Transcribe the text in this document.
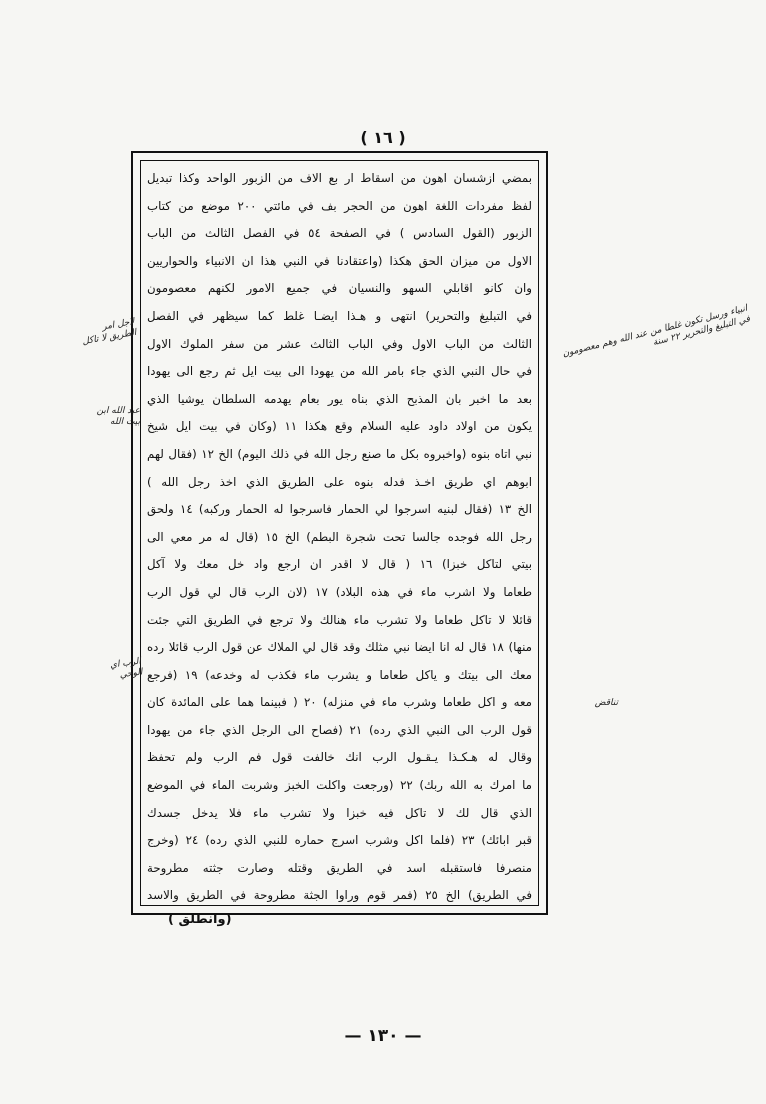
( ١٦ )
بمضي ازشسان اهون من اسقاط ار بع الاف من الزبور الواحد وكذا تبديل
لفظ مفردات اللغة اهون من الحجر بف في مائتي ٢٠٠ موضع من كتاب
الزبور (القول السادس ) في الصفحة ٥٤ في الفصل الثالث من الباب
الاول من ميزان الحق هكذا (واعتقادنا في النبي هذا ان الانبياء والحواريين
وان كانو اقابلي السهو والنسيان في جميع الامور لكنهم معصومون
في التبليغ والتحرير) انتهى و هـذا ايضـا غلط كما سيظهر في الفصل
الثالث من الباب الاول وفي الباب الثالث عشر من سفر الملوك الاول
في حال النبي الذي جاء بامر الله من يهودا الى بيت ايل ثم رجع الى يهودا
بعد ما اخبر بان المذبح الذي بناه يور بعام يهدمه السلطان يوشيا الذي
يكون من اولاد داود عليه السلام وقع هكذا ١١ (وكان في بيت ايل شيخ
نبي اتاه بنوه (واخبروه بكل ما صنع رجل الله في ذلك اليوم) الخ ١٢ (فقال لهم
ابوهم اي طريق اخـذ فدله بنوه على الطريق الذي اخذ رجل الله )
الخ ١٣ (فقال لبنيه اسرجوا لي الحمار فاسرجوا له الحمار وركبه) ١٤ ولحق
رجل الله فوجده جالسا تحت شجرة البطم) الخ ١٥ (قال له مر معي الى
بيتي لتاكل خبزا) ١٦ ( قال لا اقدر ان ارجع واد خل معك ولا آكل
طعاما ولا اشرب ماء في هذه البلاد) ١٧ (لان الرب قال لي قول الرب
قائلا لا تاكل طعاما ولا تشرب ماء هنالك ولا ترجع في الطريق التي جئت
منها) ١٨ قال له انا ايضا نبي مثلك وقد قال لي الملاك عن قول الرب قائلا رده
معك الى بيتك و ياكل طعاما و يشرب ماء فكذب له وخدعه) ١٩ (فرجع
معه و اكل طعاما وشرب ماء في منزله) ٢٠ ( فبينما هما على المائدة كان
قول الرب الى النبي الذي رده) ٢١ (فصاح الى الرجل الذي جاء من يهودا
وقال له هـكـذا يـقـول الرب انك خالفت قول فم الرب ولم تحفظ
ما امرك به الله ربك) ٢٢ (ورجعت واكلت الخبز وشربت الماء في الموضع
الذي قال لك لا تاكل فيه خبزا ولا تشرب ماء فلا يدخل جسدك
قبر ابائك) ٢٣ (فلما اكل وشرب اسرج حماره للنبي الذي رده) ٢٤ (وخرج
منصرفا فاستقبله اسد في الطريق وقتله وصارت جثته مطروحة
في الطريق) الخ ٢٥ (فمر قوم وراوا الجثة مطروحة في الطريق والاسد
(وانطلق )
— ١٣٠ —
لاجل امر الطريق لا تاكل
عبد الله ابن بيت الله
الرب اي الوحي
انبياء ورسل تكون غلطا من عند الله وهم معصومون في التبليغ والتحرير ٢٢ سنة
تناقض
